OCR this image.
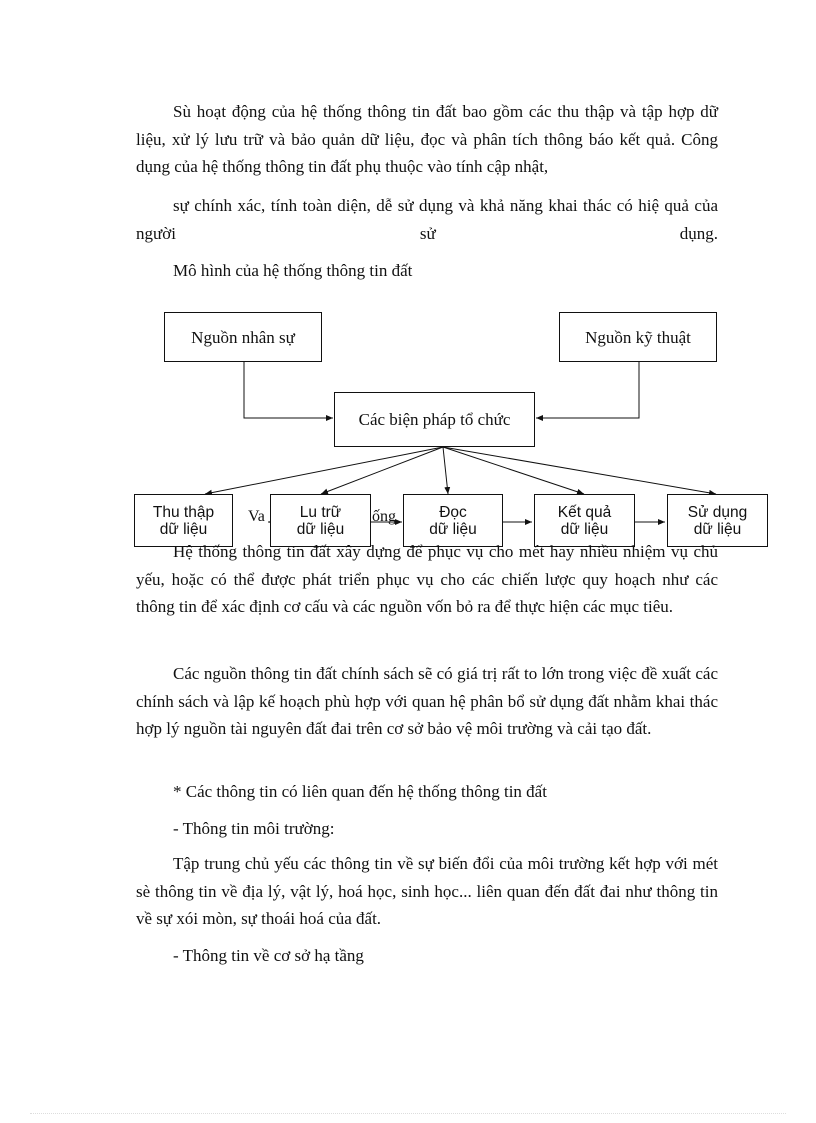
Sù hoạt động của hệ thống thông tin đất bao gồm các thu thập và tập hợp dữ liệu, xử lý lưu trữ và bảo quản dữ liệu, đọc và phân tích thông báo kết quả. Công dụng của hệ thống thông tin đất phụ thuộc vào tính cập nhật,

sự chính xác, tính toàn diện, dễ sử dụng và khả năng khai thác có hiệ quả của người sử dụng.

Mô hình của hệ thống thông tin đất

Va	ống
Nguồn nhân sự	Nguồn kỹ thuật
Các biện pháp tổ chức
Thu thập
dữ liệu
Lu trữ
dữ liệu
Đọc
dữ liệu
Kết quả
dữ liệu
Sử dụng
dữ liệu

Hệ thống thông tin đất xây dựng để phục vụ cho mét hay nhiều nhiệm vụ chủ yếu, hoặc có thể được phát triển phục vụ cho các chiến lược quy hoạch như các thông tin để xác định cơ cấu và các nguồn vốn bỏ ra để thực hiện các mục tiêu.

Các nguồn thông tin đất chính sách sẽ có giá trị rất to lớn trong việc đề xuất các chính sách và lập kế hoạch phù hợp với quan hệ phân bổ sử dụng đất nhằm khai thác hợp lý nguồn tài nguyên đất đai trên cơ sở bảo vệ môi trường và cải tạo đất.

* Các thông tin có liên quan đến hệ thống thông tin đất

- Thông tin môi trường:

Tập trung chủ yếu các thông tin về sự biến đổi của môi trường kết hợp với mét sè thông tin về địa lý, vật lý, hoá học, sinh học... liên quan đến đất đai như thông tin về sự xói mòn, sự thoái hoá của đất.

- Thông tin về cơ sở hạ tầng
